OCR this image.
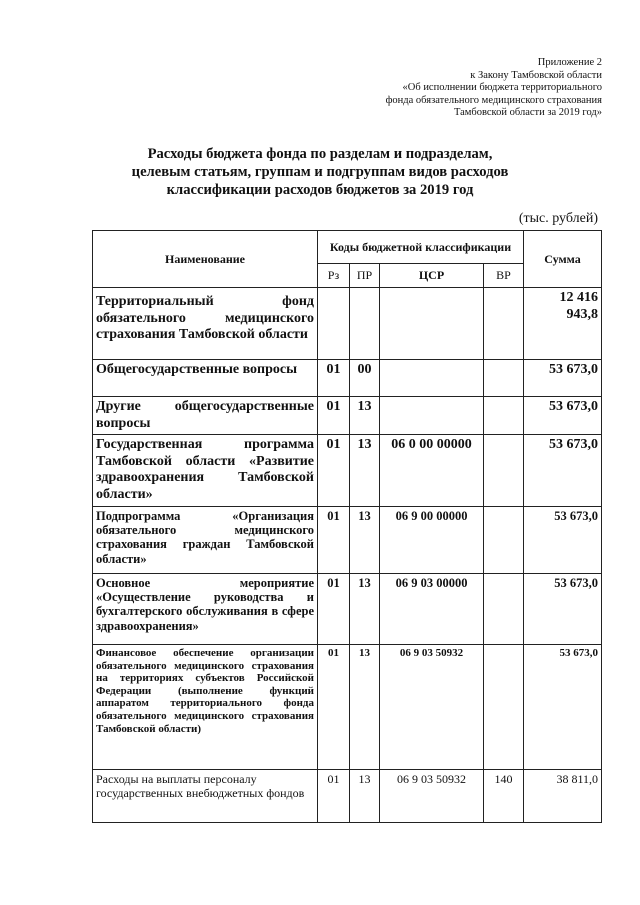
Приложение 2
к Закону Тамбовской области
«Об исполнении бюджета территориального
фонда обязательного медицинского страхования
Тамбовской области за 2019 год»
Расходы бюджета фонда по разделам и подразделам,
целевым статьям, группам и подгруппам видов расходов
классификации расходов бюджетов за 2019 год
(тыс. рублей)
Наименование	Коды бюджетной классификации				Сумма
	Рз	ПР	ЦСР	ВР	
Территориальный фонд обязательного медицинского страхования Тамбовской области					12 416 943,8
Общегосударственные вопросы	01	00			53 673,0
Другие общегосударственные вопросы	01	13			53 673,0
Государственная программа Тамбовской области «Развитие здравоохранения Тамбовской области»	01	13	06 0 00 00000		53 673,0
Подпрограмма «Организация обязательного медицинского страхования граждан Тамбовской области»	01	13	06 9 00 00000		53 673,0
Основное мероприятие «Осуществление руководства и бухгалтерского обслуживания в сфере здравоохранения»	01	13	06 9 03 00000		53 673,0
Финансовое обеспечение организации обязательного медицинского страхования на территориях субъектов Российской Федерации (выполнение функций аппаратом территориального фонда обязательного медицинского страхования Тамбовской области)	01	13	06 9 03 50932		53 673,0
Расходы на выплаты персоналу государственных внебюджетных фондов	01	13	06 9 03 50932	140	38 811,0
